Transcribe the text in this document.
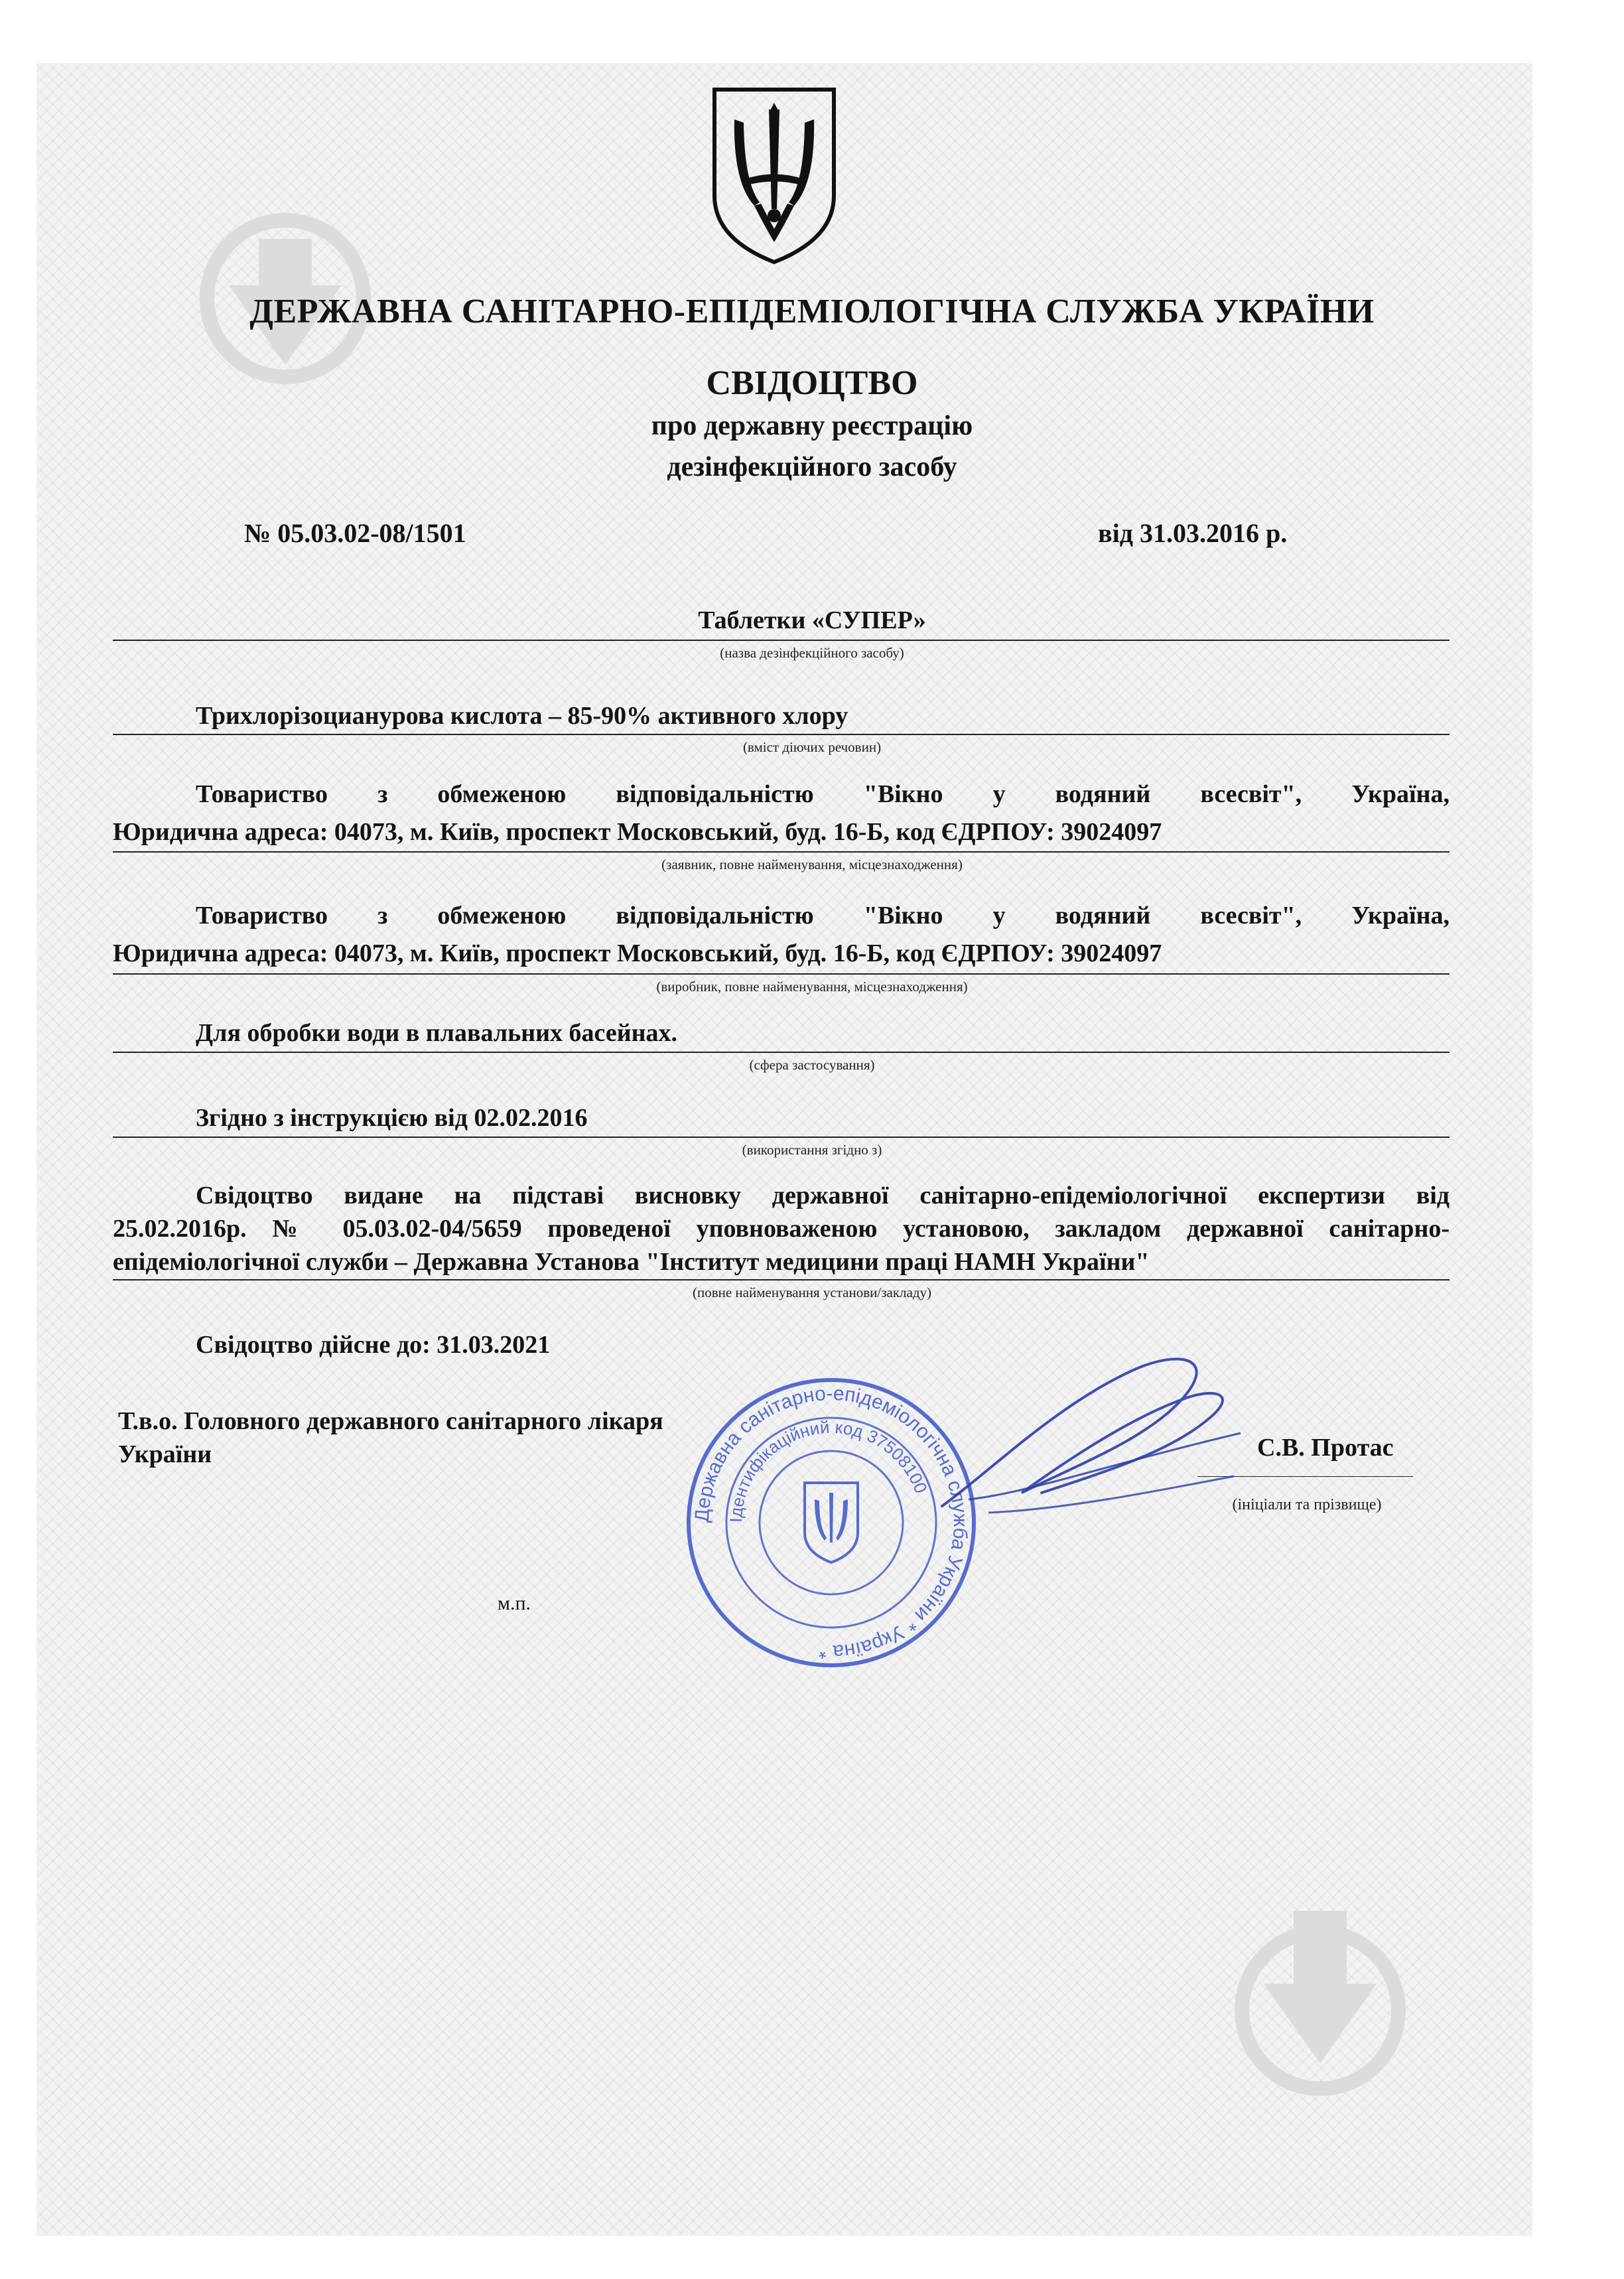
ДЕРЖАВНА САНІТАРНО-ЕПІДЕМІОЛОГІЧНА СЛУЖБА УКРАЇНИ
СВІДОЦТВО
про державну реєстрацію
дезінфекційного засобу
№ 05.03.02-08/1501	від 31.03.2016 р.
Таблетки «СУПЕР»
(назва дезінфекційного засобу)
Трихлорізоцианурова кислота – 85-90% активного хлору
(вміст діючих речовин)
Товариство з обмеженою відповідальністю "Вікно у водяний всесвіт", Україна,
Юридична адреса: 04073, м. Київ, проспект Московський, буд. 16-Б, код ЄДРПОУ: 39024097
(заявник, повне найменування, місцезнаходження)
Товариство з обмеженою відповідальністю "Вікно у водяний всесвіт", Україна,
Юридична адреса: 04073, м. Київ, проспект Московський, буд. 16-Б, код ЄДРПОУ: 39024097
(виробник, повне найменування, місцезнаходження)
Для обробки води в плавальних басейнах.
(сфера застосування)
Згідно з інструкцією від 02.02.2016
(використання згідно з)
Свідоцтво видане на підставі висновку державної санітарно-епідеміологічної експертизи від
25.02.2016р. № 05.03.02-04/5659 проведеної уповноваженою установою, закладом державної санітарно-
епідеміологічної служби – Державна Установа "Інститут медицини праці НАМН України"
(повне найменування установи/закладу)
Свідоцтво дійсне до: 31.03.2021
Т.в.о. Головного державного санітарного лікаря
України	С.В. Протас
(ініціали та прізвище)
м.п.
Державна санітарно-епідеміологічна служба України * Україна *
Ідентифікаційний код 37508100
